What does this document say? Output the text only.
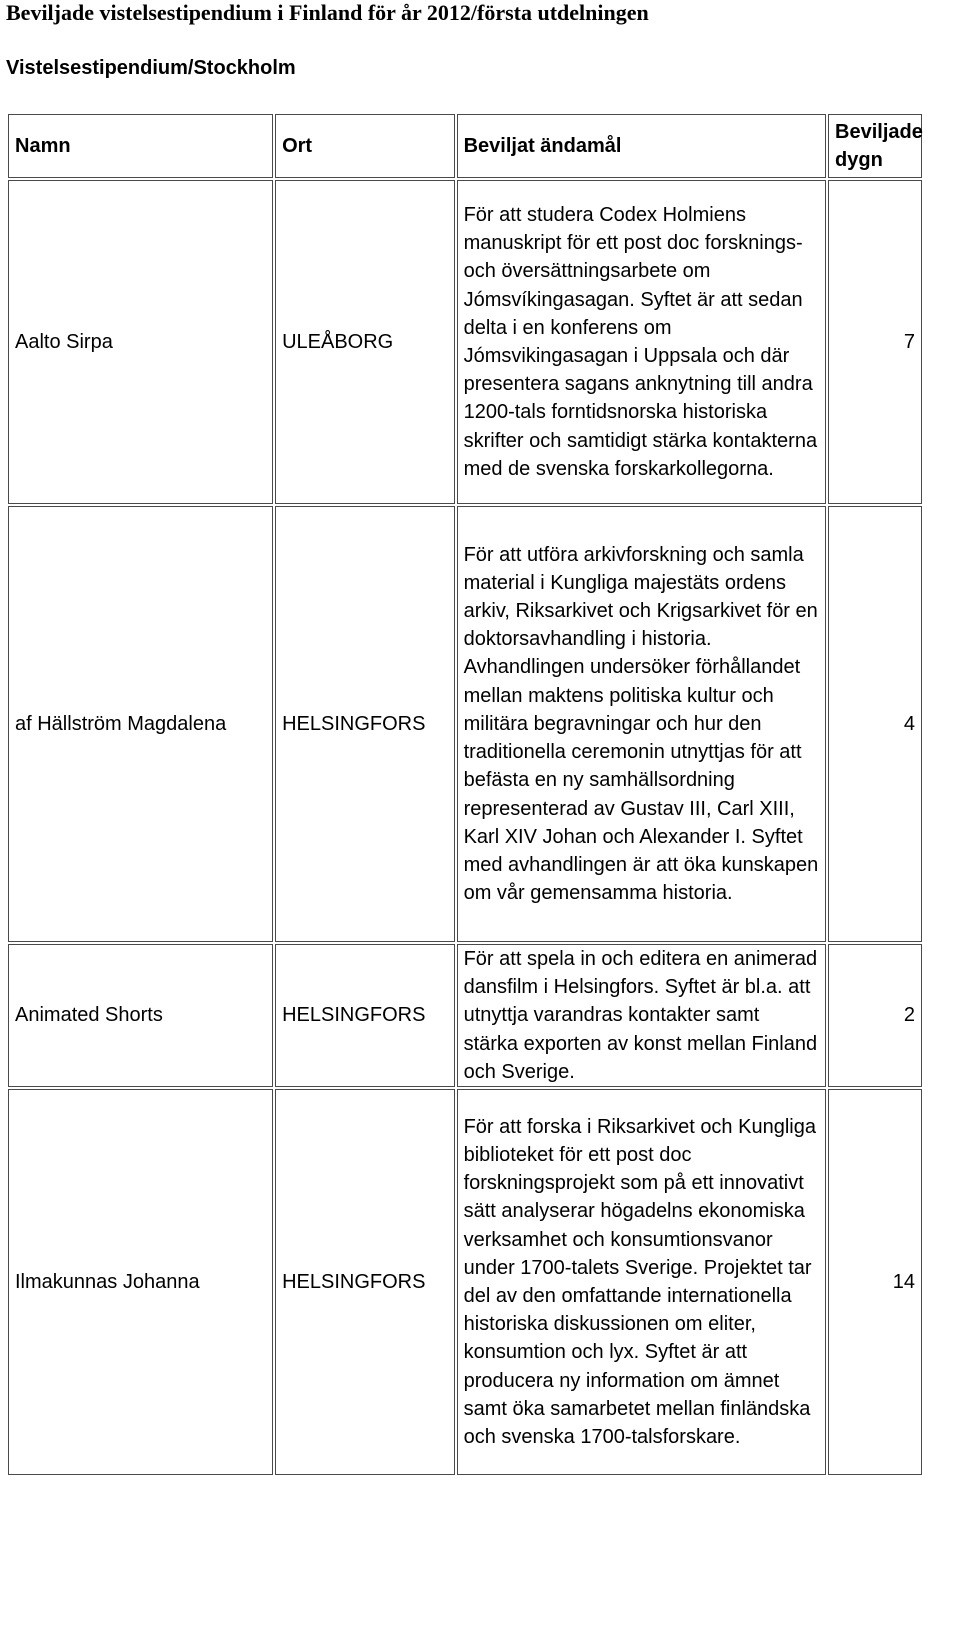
Beviljade vistelsestipendium i Finland för år 2012/första utdelningen
Vistelsestipendium/Stockholm
Namn	Ort	Beviljat ändamål	Beviljade dygn
Aalto Sirpa	ULEÅBORG	För att studera Codex Holmiens manuskript för ett post doc forsknings- och översättningsarbete om Jómsvíkingasagan. Syftet är att sedan delta i en konferens om Jómsvikingasagan i Uppsala och där presentera sagans anknytning till andra 1200-tals forntidsnorska historiska skrifter och samtidigt stärka kontakterna med de svenska forskarkollegorna.	7
af Hällström Magdalena	HELSINGFORS	För att utföra arkivforskning och samla material i Kungliga majestäts ordens arkiv, Riksarkivet och Krigsarkivet för en doktorsavhandling i historia. Avhandlingen undersöker förhållandet mellan maktens politiska kultur och militära begravningar och hur den traditionella ceremonin utnyttjas för att befästa en ny samhällsordning representerad av Gustav III, Carl XIII, Karl XIV Johan och Alexander I. Syftet med avhandlingen är att öka kunskapen om vår gemensamma historia.	4
Animated Shorts	HELSINGFORS	För att spela in och editera en animerad dansfilm i Helsingfors. Syftet är bl.a. att utnyttja varandras kontakter samt stärka exporten av konst mellan Finland och Sverige.	2
Ilmakunnas Johanna	HELSINGFORS	För att forska i Riksarkivet och Kungliga biblioteket för ett post doc forskningsprojekt som på ett innovativt sätt analyserar högadelns ekonomiska verksamhet och konsumtionsvanor under 1700-talets Sverige. Projektet tar del av den omfattande internationella historiska diskussionen om eliter, konsumtion och lyx. Syftet är att producera ny information om ämnet samt öka samarbetet mellan finländska och svenska 1700-talsforskare.	14
